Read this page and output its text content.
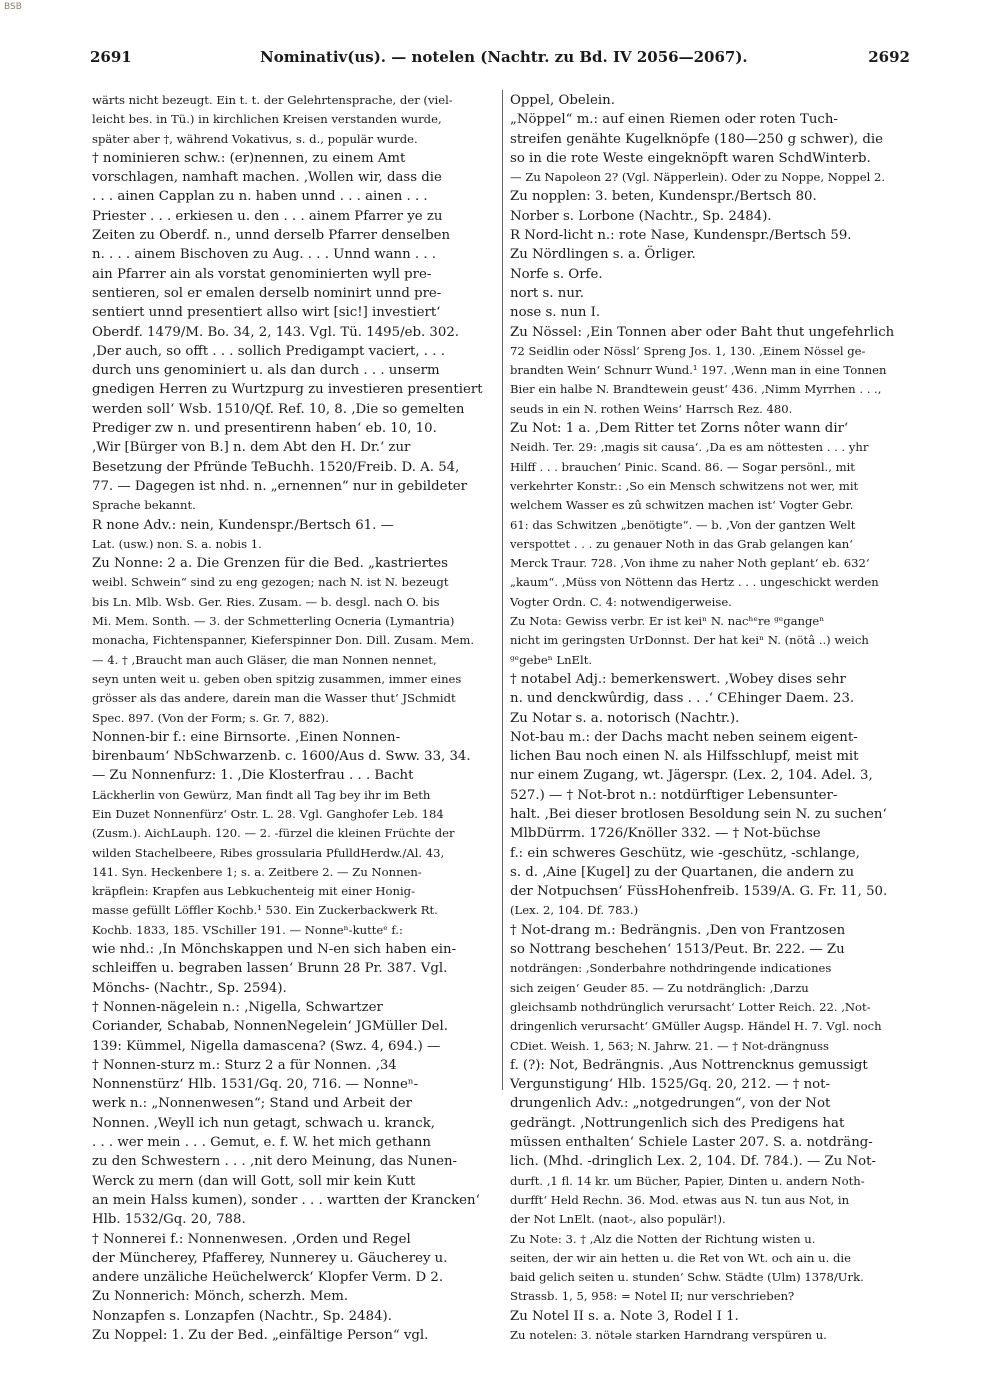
BSB
2691	Nominativ(us). — notelen (Nachtr. zu Bd. IV 2056—2067).	2692
wärts nicht bezeugt. Ein t. t. der Gelehrtensprache, der (viel-
leicht bes. in Tü.) in kirchlichen Kreisen verstanden wurde,
später aber †, während Vokativus, s. d., populär wurde.
† nominieren schw.: (er)nennen, zu einem Amt
vorschlagen, namhaft machen. ‚Wollen wir, dass die
. . . ainen Capplan zu n. haben unnd . . . ainen . . .
Priester . . . erkiesen u. den . . . ainem Pfarrer ye zu
Zeiten zu Oberdf. n., unnd derselb Pfarrer denselben
n. . . . ainem Bischoven zu Aug. . . . Unnd wann . . .
ain Pfarrer ain als vorstat genominierten wyll pre-
sentieren, sol er emalen derselb nominirt unnd pre-
sentiert unnd presentiert allso wirt [sic!] investiert‘
Oberdf. 1479/M. Bo. 34, 2, 143. Vgl. Tü. 1495/eb. 302.
‚Der auch, so offt . . . sollich Predigampt vaciert, . . .
durch uns genominiert u. als dan durch . . . unserm
gnedigen Herren zu Wurtzpurg zu investieren presentiert
werden soll‘ Wsb. 1510/Qf. Ref. 10, 8. ‚Die so gemelten
Prediger zw n. und presentirenn haben‘ eb. 10, 10.
‚Wir [Bürger von B.] n. dem Abt den H. Dr.‘ zur
Besetzung der Pfründe TeBuchh. 1520/Freib. D. A. 54,
77. — Dagegen ist nhd. n. „ernennen“ nur in gebildeter
Sprache bekannt.
R none Adv.: nein, Kundenspr./Bertsch 61. —
Lat. (usw.) non. S. a. nobis 1.
Zu Nonne: 2 a. Die Grenzen für die Bed. „kastriertes
weibl. Schwein“ sind zu eng gezogen; nach N. ist N. bezeugt
bis Ln. Mlb. Wsb. Ger. Ries. Zusam. — b. desgl. nach O. bis
Mi. Mem. Sonth. — 3. der Schmetterling Ocneria (Lymantria)
monacha, Fichtenspanner, Kieferspinner Don. Dill. Zusam. Mem.
— 4. † ‚Braucht man auch Gläser, die man Nonnen nennet,
seyn unten weit u. geben oben spitzig zusammen, immer eines
grösser als das andere, darein man die Wasser thut‘ JSchmidt
Spec. 897. (Von der Form; s. Gr. 7, 882).
Nonnen-bir f.: eine Birnsorte. ‚Einen Nonnen-
birenbaum‘ NbSchwarzenb. c. 1600/Aus d. Sww. 33, 34.
— Zu Nonnenfurz: 1. ‚Die Klosterfrau . . . Bacht
Läckherlin von Gewürz, Man findt all Tag bey ihr im Beth
Ein Duzet Nonnenfürz‘ Ostr. L. 28. Vgl. Ganghofer Leb. 184
(Zusm.). AichLauph. 120. — 2. -fürzel die kleinen Früchte der
wilden Stachelbeere, Ribes grossularia PfulldHerdw./Al. 43,
141. Syn. Heckenbere 1; s. a. Zeitbere 2. — Zu Nonnen-
kräpflein: Krapfen aus Lebkuchenteig mit einer Honig-
masse gefüllt Löffler Kochb.¹ 530. Ein Zuckerbackwerk Rt.
Kochb. 1833, 185. VSchiller 191. — Nonneⁿ-kutteᵉ f.:
wie nhd.: ‚In Mönchskappen und N-en sich haben ein-
schleiffen u. begraben lassen‘ Brunn 28 Pr. 387. Vgl.
Mönchs- (Nachtr., Sp. 2594).
† Nonnen-nägelein n.: ‚Nigella, Schwartzer
Coriander, Schabab, NonnenNegelein‘ JGMüller Del.
139: Kümmel, Nigella damascena? (Swz. 4, 694.) —
† Nonnen-sturz m.: Sturz 2 a für Nonnen. ‚34
Nonnenstürz‘ Hlb. 1531/Gq. 20, 716. — Nonneⁿ-
werk n.: „Nonnenwesen“; Stand und Arbeit der
Nonnen. ‚Weyll ich nun getagt, schwach u. kranck,
. . . wer mein . . . Gemut, e. f. W. het mich gethann
zu den Schwestern . . . ‚nit dero Meinung, das Nunen-
Werck zu mern (dan will Gott, soll mir kein Kutt
an mein Halss kumen), sonder . . . wartten der Krancken‘
Hlb. 1532/Gq. 20, 788.
† Nonnerei f.: Nonnenwesen. ‚Orden und Regel
der Müncherey, Pfafferey, Nunnerey u. Gäucherey u.
andere unzäliche Heüchelwerck‘ Klopfer Verm. D 2.
Zu Nonnerich: Mönch, scherzh. Mem.
Nonzapfen s. Lonzapfen (Nachtr., Sp. 2484).
Zu Noppel: 1. Zu der Bed. „einfältige Person“ vgl.
Oppel, Obelein.
„Nöppel“ m.: auf einen Riemen oder roten Tuch-
streifen genähte Kugelknöpfe (180—250 g schwer), die
so in die rote Weste eingeknöpft waren SchdWinterb.
— Zu Napoleon 2? (Vgl. Näpperlein). Oder zu Noppe, Noppel 2.
Zu nopplen: 3. beten, Kundenspr./Bertsch 80.
Norber s. Lorbone (Nachtr., Sp. 2484).
R Nord-licht n.: rote Nase, Kundenspr./Bertsch 59.
Zu Nördlingen s. a. Örliger.
Norfe s. Orfe.
nort s. nur.
nose s. nun I.
Zu Nössel: ‚Ein Tonnen aber oder Baht thut ungefehrlich
72 Seidlin oder Nössl‘ Spreng Jos. 1, 130. ‚Einem Nössel ge-
brandten Wein‘ Schnurr Wund.¹ 197. ‚Wenn man in eine Tonnen
Bier ein halbe N. Brandtewein geust‘ 436. ‚Nimm Myrrhen . . .,
seuds in ein N. rothen Weins‘ Harrsch Rez. 480.
Zu Not: 1 a. ‚Dem Ritter tet Zorns nôter wann dir‘
Neidh. Ter. 29: ‚magis sit causa‘. ‚Da es am nöttesten . . . yhr
Hilff . . . brauchen‘ Pinic. Scand. 86. — Sogar persönl., mit
verkehrter Konstr.: ‚So ein Mensch schwitzens not wer, mit
welchem Wasser es zû schwitzen machen ist‘ Vogter Gebr.
61: das Schwitzen „benötigte“. — b. ‚Von der gantzen Welt
verspottet . . . zu genauer Noth in das Grab gelangen kan‘
Merck Traur. 728. ‚Von ihme zu naher Noth geplant‘ eb. 632‘
„kaum“. ‚Müss von Nöttenn das Hertz . . . ungeschickt werden
Vogter Ordn. C. 4: notwendigerweise.
Zu Nota: Gewiss verbr. Er ist keiⁿ N. nacʰᵉre ᵍᵉgangeⁿ
nicht im geringsten UrDonnst. Der hat keiⁿ N. (nötâ ..) weich
ᵍᵉgebeⁿ LnElt.
† notabel Adj.: bemerkenswert. ‚Wobey dises sehr
n. und denckwûrdig, dass . . .‘ CEhinger Daem. 23.
Zu Notar s. a. notorisch (Nachtr.).
Not-bau m.: der Dachs macht neben seinem eigent-
lichen Bau noch einen N. als Hilfsschlupf, meist mit
nur einem Zugang, wt. Jägerspr. (Lex. 2, 104. Adel. 3,
527.) — † Not-brot n.: notdürftiger Lebensunter-
halt. ‚Bei dieser brotlosen Besoldung sein N. zu suchen‘
MlbDürrm. 1726/Knöller 332. — † Not-büchse
f.: ein schweres Geschütz, wie -geschütz, -schlange,
s. d. ‚Aine [Kugel] zu der Quartanen, die andern zu
der Notpuchsen‘ FüssHohenfreib. 1539/A. G. Fr. 11, 50.
(Lex. 2, 104. Df. 783.)
† Not-drang m.: Bedrängnis. ‚Den von Frantzosen
so Nottrang beschehen‘ 1513/Peut. Br. 222. — Zu
notdrängen: ‚Sonderbahre nothdringende indicationes
sich zeigen‘ Geuder 85. — Zu notdränglich: ‚Darzu
gleichsamb nothdrünglich verursacht‘ Lotter Reich. 22. ‚Not-
dringenlich verursacht‘ GMüller Augsp. Händel H. 7. Vgl. noch
CDiet. Weish. 1, 563; N. Jahrw. 21. — † Not-drängnuss
f. (?): Not, Bedrängnis. ‚Aus Nottrencknus gemussigt
Vergunstigung‘ Hlb. 1525/Gq. 20, 212. — † not-
drungenlich Adv.: „notgedrungen“, von der Not
gedrängt. ‚Nottrungenlich sich des Predigens hat
müssen enthalten‘ Schiele Laster 207. S. a. notdräng-
lich. (Mhd. -dringlich Lex. 2, 104. Df. 784.). — Zu Not-
durft. ‚1 fl. 14 kr. um Bücher, Papier, Dinten u. andern Noth-
durfft‘ Held Rechn. 36. Mod. etwas aus N. tun aus Not, in
der Not LnElt. (naot-, also populär!).
Zu Note: 3. † ‚Alz die Notten der Richtung wisten u.
seiten, der wir ain hetten u. die Ret von Wt. och ain u. die
baid gelich seiten u. stunden‘ Schw. Städte (Ulm) 1378/Urk.
Strassb. 1, 5, 958: = Notel II; nur verschrieben?
Zu Notel II s. a. Note 3, Rodel I 1.
Zu notelen: 3. nötəle starken Harndrang verspüren u.
